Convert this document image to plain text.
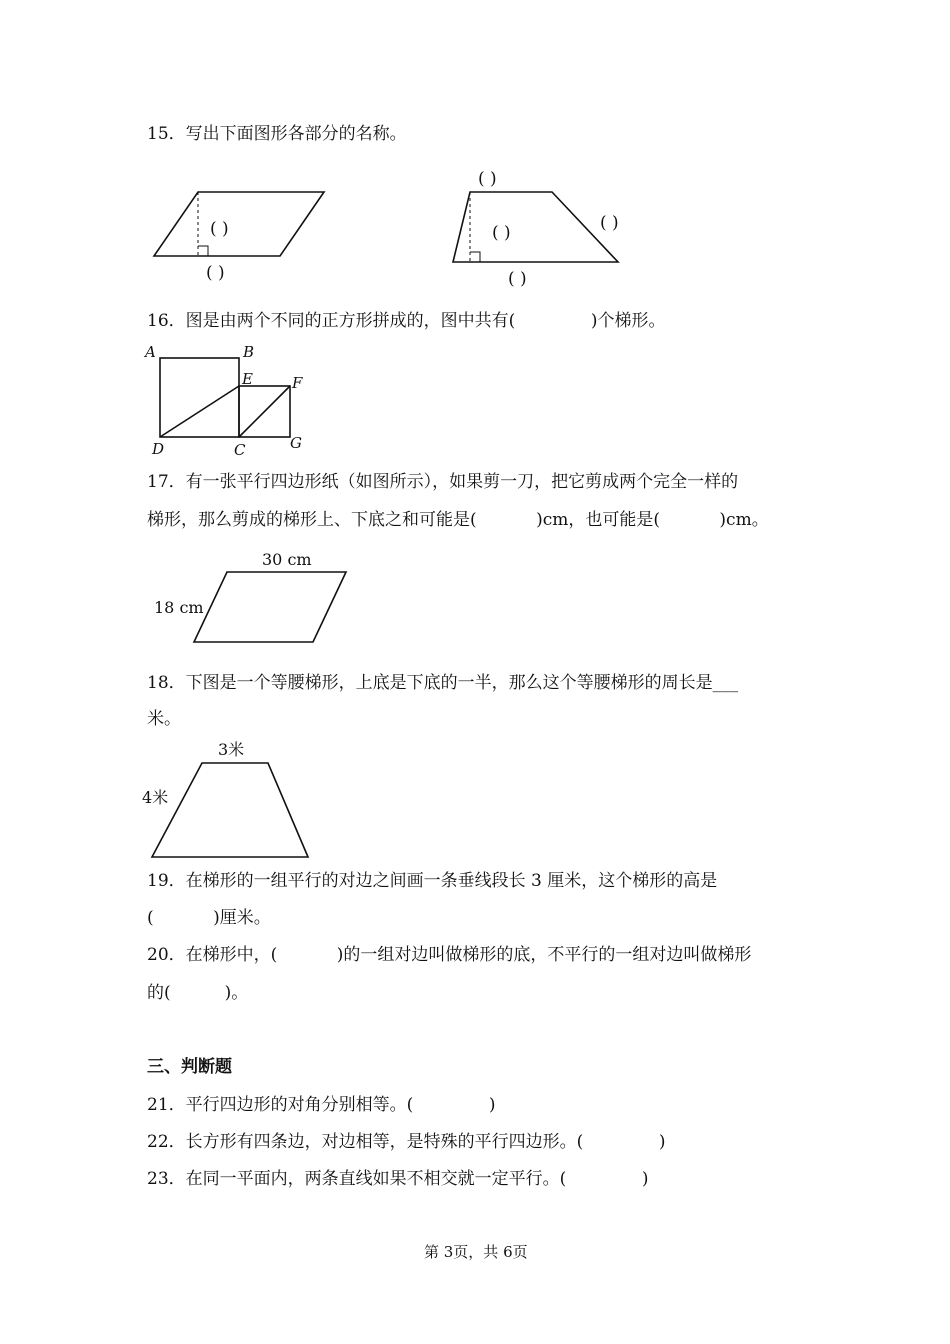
15．写出下面图形各部分的名称。
( )
( )
( )
( )	( )
( )
16．图是由两个不同的正方形拼成的，图中共有(              )个梯形。
A	B
E	F
D	C	G
17．有一张平行四边形纸（如图所示），如果剪一刀，把它剪成两个完全一样的
梯形，那么剪成的梯形上、下底之和可能是(           )cm，也可能是(           )cm。
30 cm
18 cm
18．下图是一个等腰梯形，上底是下底的一半，那么这个等腰梯形的周长是___
米。
3米
4米
19．在梯形的一组平行的对边之间画一条垂线段长 3 厘米，这个梯形的高是
(           )厘米。
20．在梯形中，(           )的一组对边叫做梯形的底，不平行的一组对边叫做梯形
的(          )。
三、判断题
21．平行四边形的对角分别相等。(              )
22．长方形有四条边，对边相等，是特殊的平行四边形。(              )
23．在同一平面内，两条直线如果不相交就一定平行。(              )
第 3页，共 6页
